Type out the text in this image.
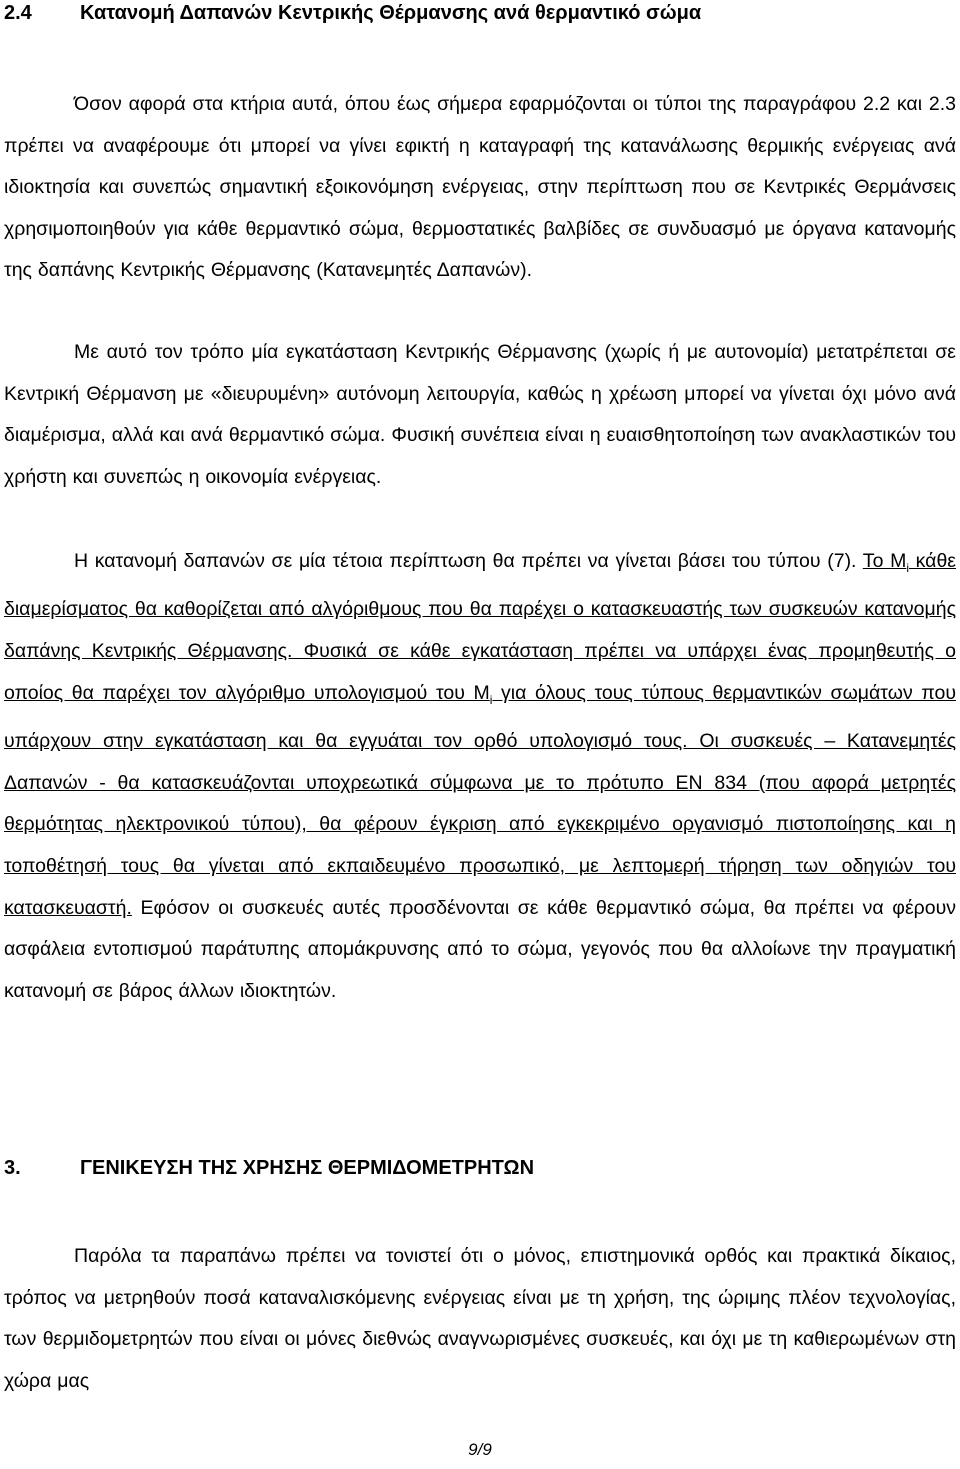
2.4 Κατανομή Δαπανών Κεντρικής Θέρμανσης ανά θερμαντικό σώμα
Όσον αφορά στα κτήρια αυτά, όπου έως σήμερα εφαρμόζονται οι τύποι της παραγράφου 2.2 και 2.3 πρέπει να αναφέρουμε ότι μπορεί να γίνει εφικτή η καταγραφή της κατανάλωσης θερμικής ενέργειας ανά ιδιοκτησία και συνεπώς σημαντική εξοικονόμηση ενέργειας, στην περίπτωση που σε Κεντρικές Θερμάνσεις χρησιμοποιηθούν για κάθε θερμαντικό σώμα, θερμοστατικές βαλβίδες σε συνδυασμό με όργανα κατανομής της δαπάνης Κεντρικής Θέρμανσης (Κατανεμητές Δαπανών).
Με αυτό τον τρόπο μία εγκατάσταση Κεντρικής Θέρμανσης (χωρίς ή με αυτονομία) μετατρέπεται σε Κεντρική Θέρμανση με «διευρυμένη» αυτόνομη λειτουργία, καθώς η χρέωση μπορεί να γίνεται όχι μόνο ανά διαμέρισμα, αλλά και ανά θερμαντικό σώμα. Φυσική συνέπεια είναι η ευαισθητοποίηση των ανακλαστικών του χρήστη και συνεπώς η οικονομία ενέργειας.
Η κατανομή δαπανών σε μία τέτοια περίπτωση θα πρέπει να γίνεται βάσει του τύπου (7). Το $M_i$ κάθε διαμερίσματος θα καθορίζεται από αλγόριθμους που θα παρέχει ο κατασκευαστής των συσκευών κατανομής δαπάνης Κεντρικής Θέρμανσης. Φυσικά σε κάθε εγκατάσταση πρέπει να υπάρχει ένας προμηθευτής ο οποίος θα παρέχει τον αλγόριθμο υπολογισμού του $M_i$ για όλους τους τύπους θερμαντικών σωμάτων που υπάρχουν στην εγκατάσταση και θα εγγυάται τον ορθό υπολογισμό τους. Οι συσκευές – Κατανεμητές Δαπανών - θα κατασκευάζονται υποχρεωτικά σύμφωνα με το πρότυπο EN 834 (που αφορά μετρητές θερμότητας ηλεκτρονικού τύπου), θα φέρουν έγκριση από εγκεκριμένο οργανισμό πιστοποίησης και η τοποθέτησή τους θα γίνεται από εκπαιδευμένο προσωπικό, με λεπτομερή τήρηση των οδηγιών του κατασκευαστή. Εφόσον οι συσκευές αυτές προσδένονται σε κάθε θερμαντικό σώμα, θα πρέπει να φέρουν ασφάλεια εντοπισμού παράτυπης απομάκρυνσης από το σώμα, γεγονός που θα αλλοίωνε την πραγματική κατανομή σε βάρος άλλων ιδιοκτητών.
3.	ΓΕΝΙΚΕΥΣΗ ΤΗΣ ΧΡΗΣΗΣ ΘΕΡΜΙΔΟΜΕΤΡΗΤΩΝ
Παρόλα τα παραπάνω πρέπει να τονιστεί ότι ο μόνος, επιστημονικά ορθός και πρακτικά δίκαιος, τρόπος να μετρηθούν ποσά καταναλισκόμενης ενέργειας είναι με τη χρήση, της ώριμης πλέον τεχνολογίας, των θερμιδομετρητών που είναι οι μόνες διεθνώς αναγνωρισμένες συσκευές, και όχι με τη καθιερωμένων στη χώρα μας
9/9
